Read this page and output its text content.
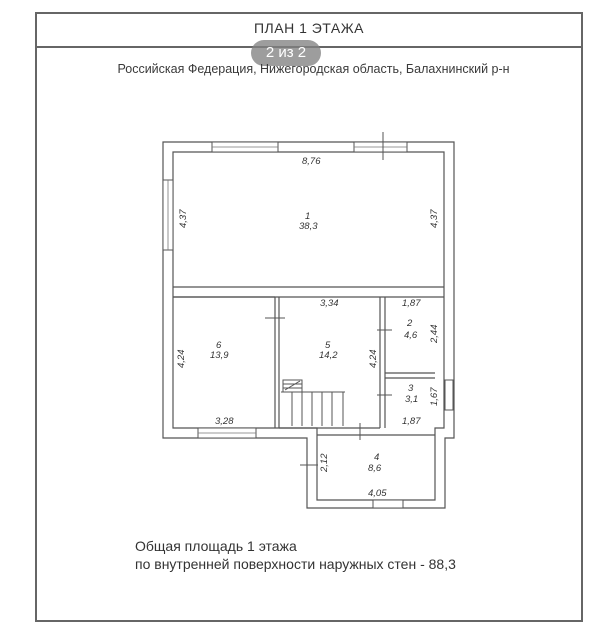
ПЛАН 1 ЭТАЖА
2 из 2
Российская Федерация, Нижегородская область, Балахнинский р-н
8,76
4,37	4,37
1
38,3
3,34	1,87
2
4,6 2,44
6
13,9
4,24
5
14,2	4,24
3
3,1 1,67
3,28	1,87
4
8,6
2,12
4,05
Общая площадь 1 этажа
по внутренней поверхности наружных стен - 88,3
